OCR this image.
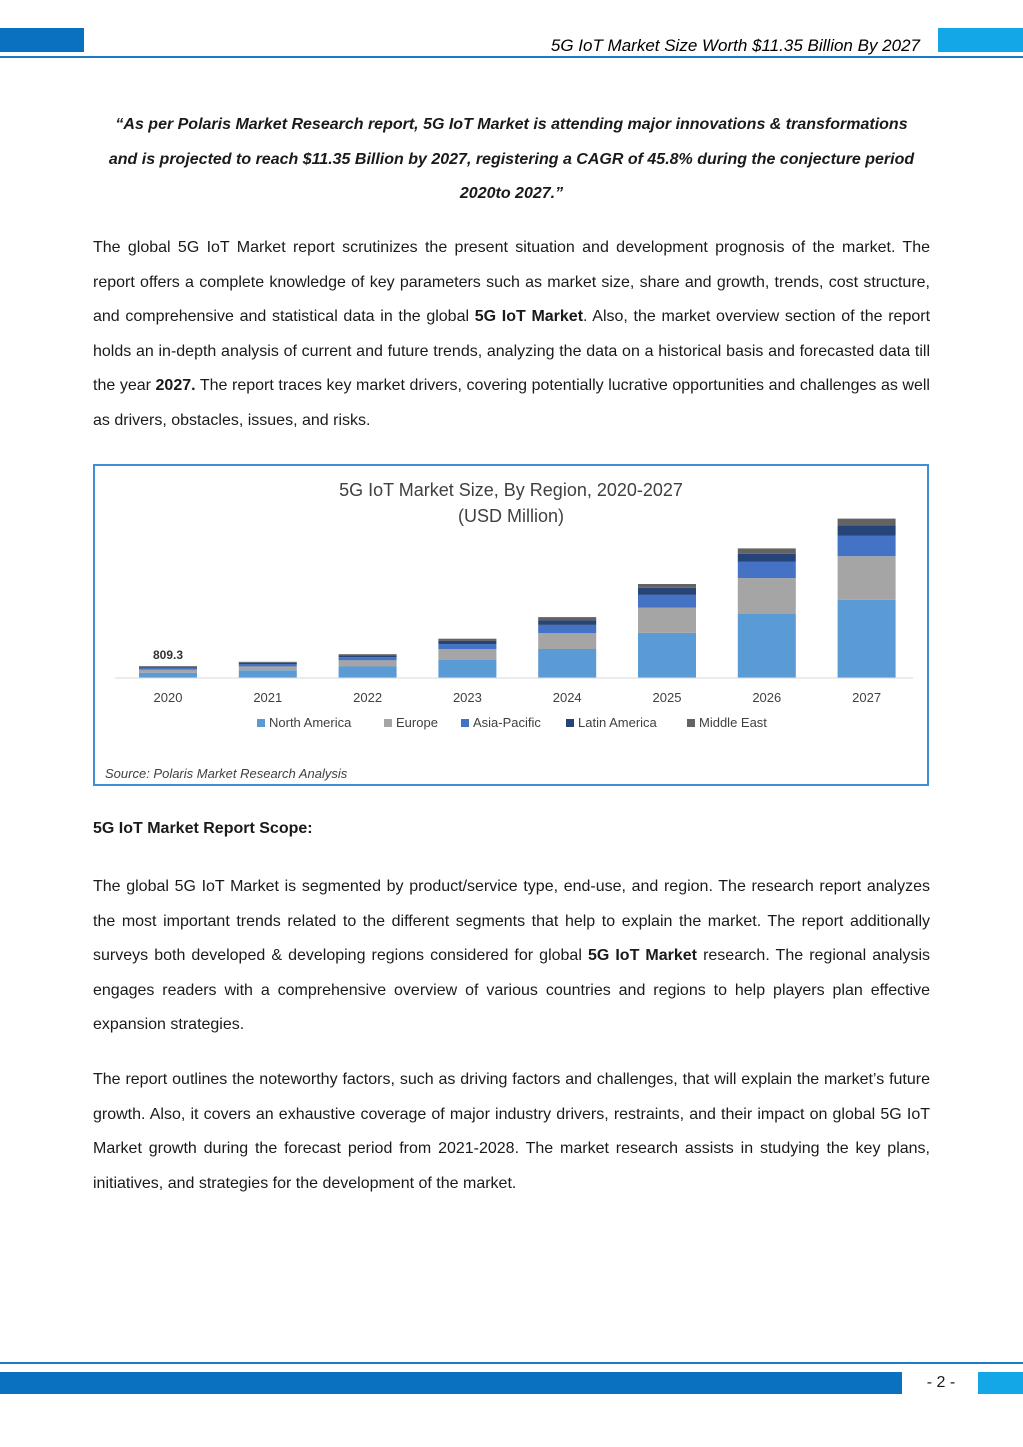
5G IoT Market Size Worth $11.35 Billion By 2027
“As per Polaris Market Research report, 5G IoT Market is attending major innovations & transformations
and is projected to reach $11.35 Billion by 2027, registering a CAGR of 45.8% during the conjecture period
2020to 2027.”

The global 5G IoT Market report scrutinizes the present situation and development prognosis of the market. The report offers a complete knowledge of key parameters such as market size, share and growth, trends, cost structure, and comprehensive and statistical data in the global 5G IoT Market. Also, the market overview section of the report holds an in-depth analysis of current and future trends, analyzing the data on a historical basis and forecasted data till the year 2027. The report traces key market drivers, covering potentially lucrative opportunities and challenges as well as drivers, obstacles, issues, and risks.

5G IoT Market Size, By Region, 2020-2027
(USD Million)
809.3
2020	2021	2022	2023	2024	2025	2026	2027
North America	Europe	Asia-Pacific	Latin America	Middle East
Source: Polaris Market Research Analysis
5G IoT Market Report Scope:

The global 5G IoT Market is segmented by product/service type, end-use, and region. The research report analyzes the most important trends related to the different segments that help to explain the market. The report additionally surveys both developed & developing regions considered for global 5G IoT Market research. The regional analysis engages readers with a comprehensive overview of various countries and regions to help players plan effective expansion strategies.

The report outlines the noteworthy factors, such as driving factors and challenges, that will explain the market’s future growth. Also, it covers an exhaustive coverage of major industry drivers, restraints, and their impact on global 5G IoT Market growth during the forecast period from 2021-2028. The market research assists in studying the key plans, initiatives, and strategies for the development of the market.

- 2 -
